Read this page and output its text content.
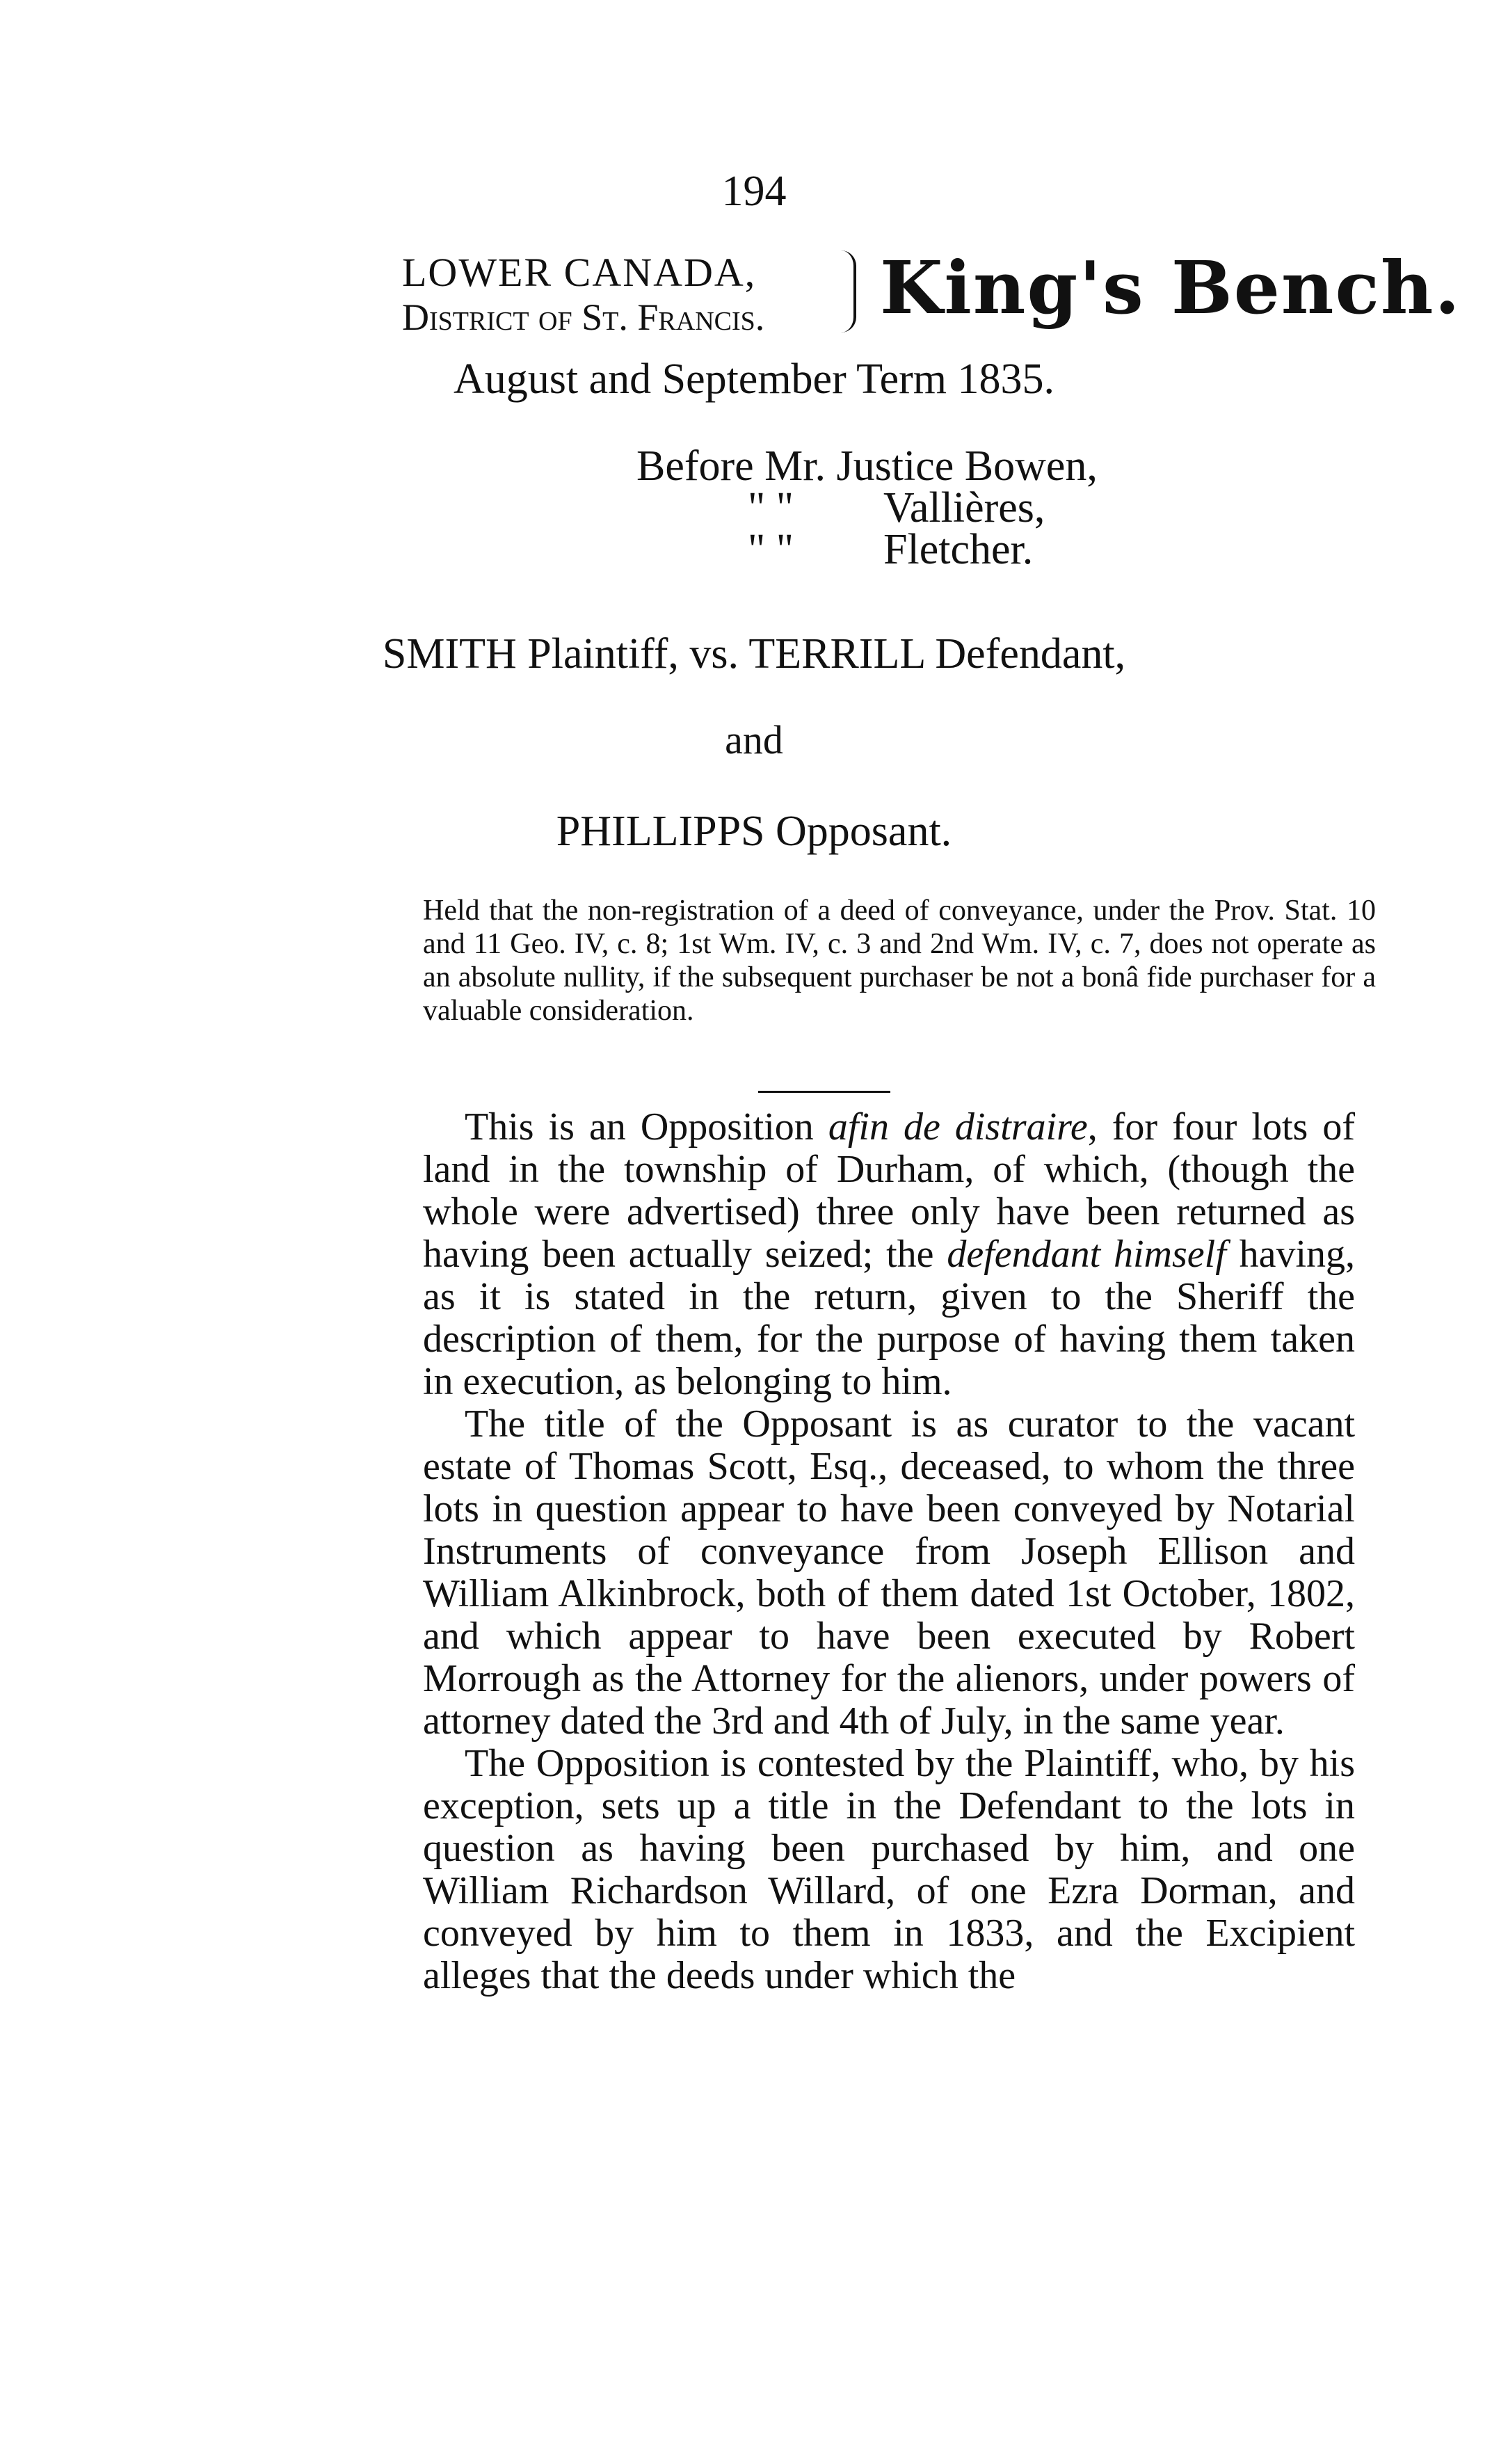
194
LOWER CANADA,
District of St. Francis. King's Bench.
August and September Term 1835.
Before Mr. Justice Bowen,
" " Vallières,
" " Fletcher.
SMITH Plaintiff, vs. TERRILL Defendant,
and
PHILLIPPS Opposant.
Held that the non-registration of a deed of conveyance, under the Prov. Stat. 10 and 11 Geo. IV, c. 8; 1st Wm. IV, c. 3 and 2nd Wm. IV, c. 7, does not operate as an absolute nullity, if the subsequent purchaser be not a bonâ fide purchaser for a valuable consideration.

This is an Opposition afin de distraire, for four lots of land in the township of Durham, of which, (though the whole were advertised) three only have been returned as having been actually seized; the defendant himself having, as it is stated in the return, given to the Sheriff the description of them, for the purpose of having them taken in execution, as belonging to him.

The title of the Opposant is as curator to the vacant estate of Thomas Scott, Esq., deceased, to whom the three lots in question appear to have been conveyed by Notarial Instruments of conveyance from Joseph Ellison and William Alkinbrock, both of them dated 1st October, 1802, and which appear to have been executed by Robert Morrough as the Attorney for the alienors, under powers of attorney dated the 3rd and 4th of July, in the same year.

The Opposition is contested by the Plaintiff, who, by his exception, sets up a title in the Defendant to the lots in question as having been purchased by him, and one William Richardson Willard, of one Ezra Dorman, and conveyed by him to them in 1833, and the Excipient alleges that the deeds under which the
